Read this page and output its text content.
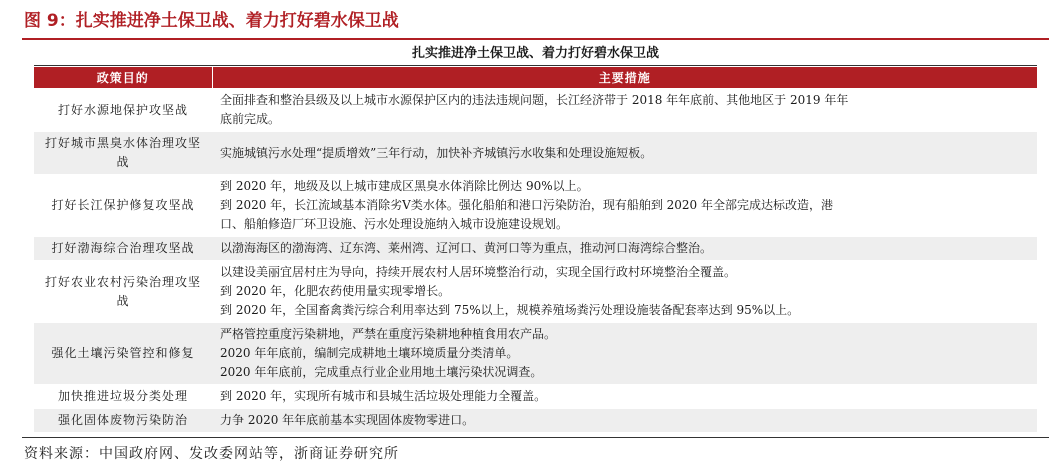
图 9：扎实推进净土保卫战、着力打好碧水保卫战
扎实推进净土保卫战、着力打好碧水保卫战
政策目的	主要措施
打好水源地保护攻坚战	全面排查和整治县级及以上城市水源保护区内的违法违规问题，长江经济带于 2018 年年底前、其他地区于 2019 年年
底前完成。

打好城市黑臭水体治理攻坚战	实施城镇污水处理“提质增效”三年行动，加快补齐城镇污水收集和处理设施短板。

打好长江保护修复攻坚战	到 2020 年，地级及以上城市建成区黑臭水体消除比例达 90%以上。
到 2020 年，长江流域基本消除劣Ⅴ类水体。强化船舶和港口污染防治，现有船舶到 2020 年全部完成达标改造，港
口、船舶修造厂环卫设施、污水处理设施纳入城市设施建设规划。

打好渤海综合治理攻坚战	以渤海海区的渤海湾、辽东湾、莱州湾、辽河口、黄河口等为重点，推动河口海湾综合整治。

打好农业农村污染治理攻坚战	以建设美丽宜居村庄为导向，持续开展农村人居环境整治行动，实现全国行政村环境整治全覆盖。
到 2020 年，化肥农药使用量实现零增长。
到 2020 年，全国畜禽粪污综合利用率达到 75%以上，规模养殖场粪污处理设施装备配套率达到 95%以上。

强化土壤污染管控和修复	严格管控重度污染耕地，严禁在重度污染耕地种植食用农产品。
2020 年年底前，编制完成耕地土壤环境质量分类清单。
2020 年年底前，完成重点行业企业用地土壤污染状况调查。

加快推进垃圾分类处理	到 2020 年，实现所有城市和县城生活垃圾处理能力全覆盖。

强化固体废物污染防治	力争 2020 年年底前基本实现固体废物零进口。
资料来源：中国政府网、发改委网站等，浙商证券研究所
